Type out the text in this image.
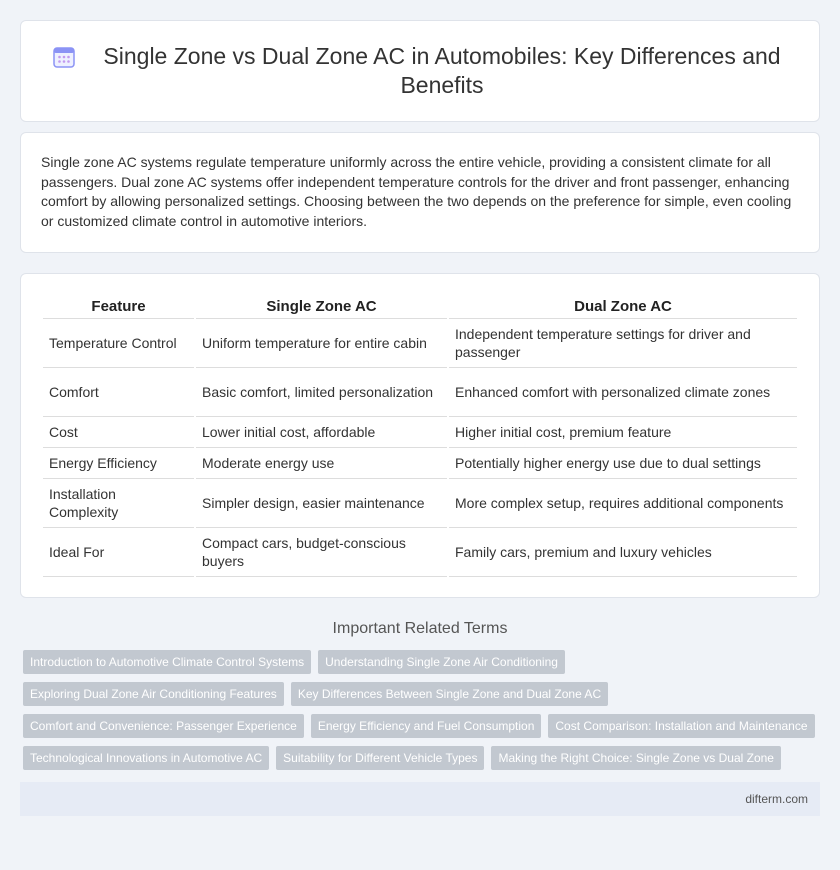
Single Zone vs Dual Zone AC in Automobiles: Key Differences and Benefits
Single zone AC systems regulate temperature uniformly across the entire vehicle, providing a consistent climate for all passengers. Dual zone AC systems offer independent temperature controls for the driver and front passenger, enhancing comfort by allowing personalized settings. Choosing between the two depends on the preference for simple, even cooling or customized climate control in automotive interiors.
Feature	Single Zone AC	Dual Zone AC
Temperature Control	Uniform temperature for entire cabin	Independent temperature settings for driver and passenger
Comfort	Basic comfort, limited personalization	Enhanced comfort with personalized climate zones
Cost	Lower initial cost, affordable	Higher initial cost, premium feature
Energy Efficiency	Moderate energy use	Potentially higher energy use due to dual settings
Installation Complexity	Simpler design, easier maintenance	More complex setup, requires additional components
Ideal For	Compact cars, budget-conscious buyers	Family cars, premium and luxury vehicles
Important Related Terms
Introduction to Automotive Climate Control Systems	Understanding Single Zone Air Conditioning
Exploring Dual Zone Air Conditioning Features	Key Differences Between Single Zone and Dual Zone AC
Comfort and Convenience: Passenger Experience	Energy Efficiency and Fuel Consumption	Cost Comparison: Installation and Maintenance
Technological Innovations in Automotive AC	Suitability for Different Vehicle Types	Making the Right Choice: Single Zone vs Dual Zone
difterm.com
